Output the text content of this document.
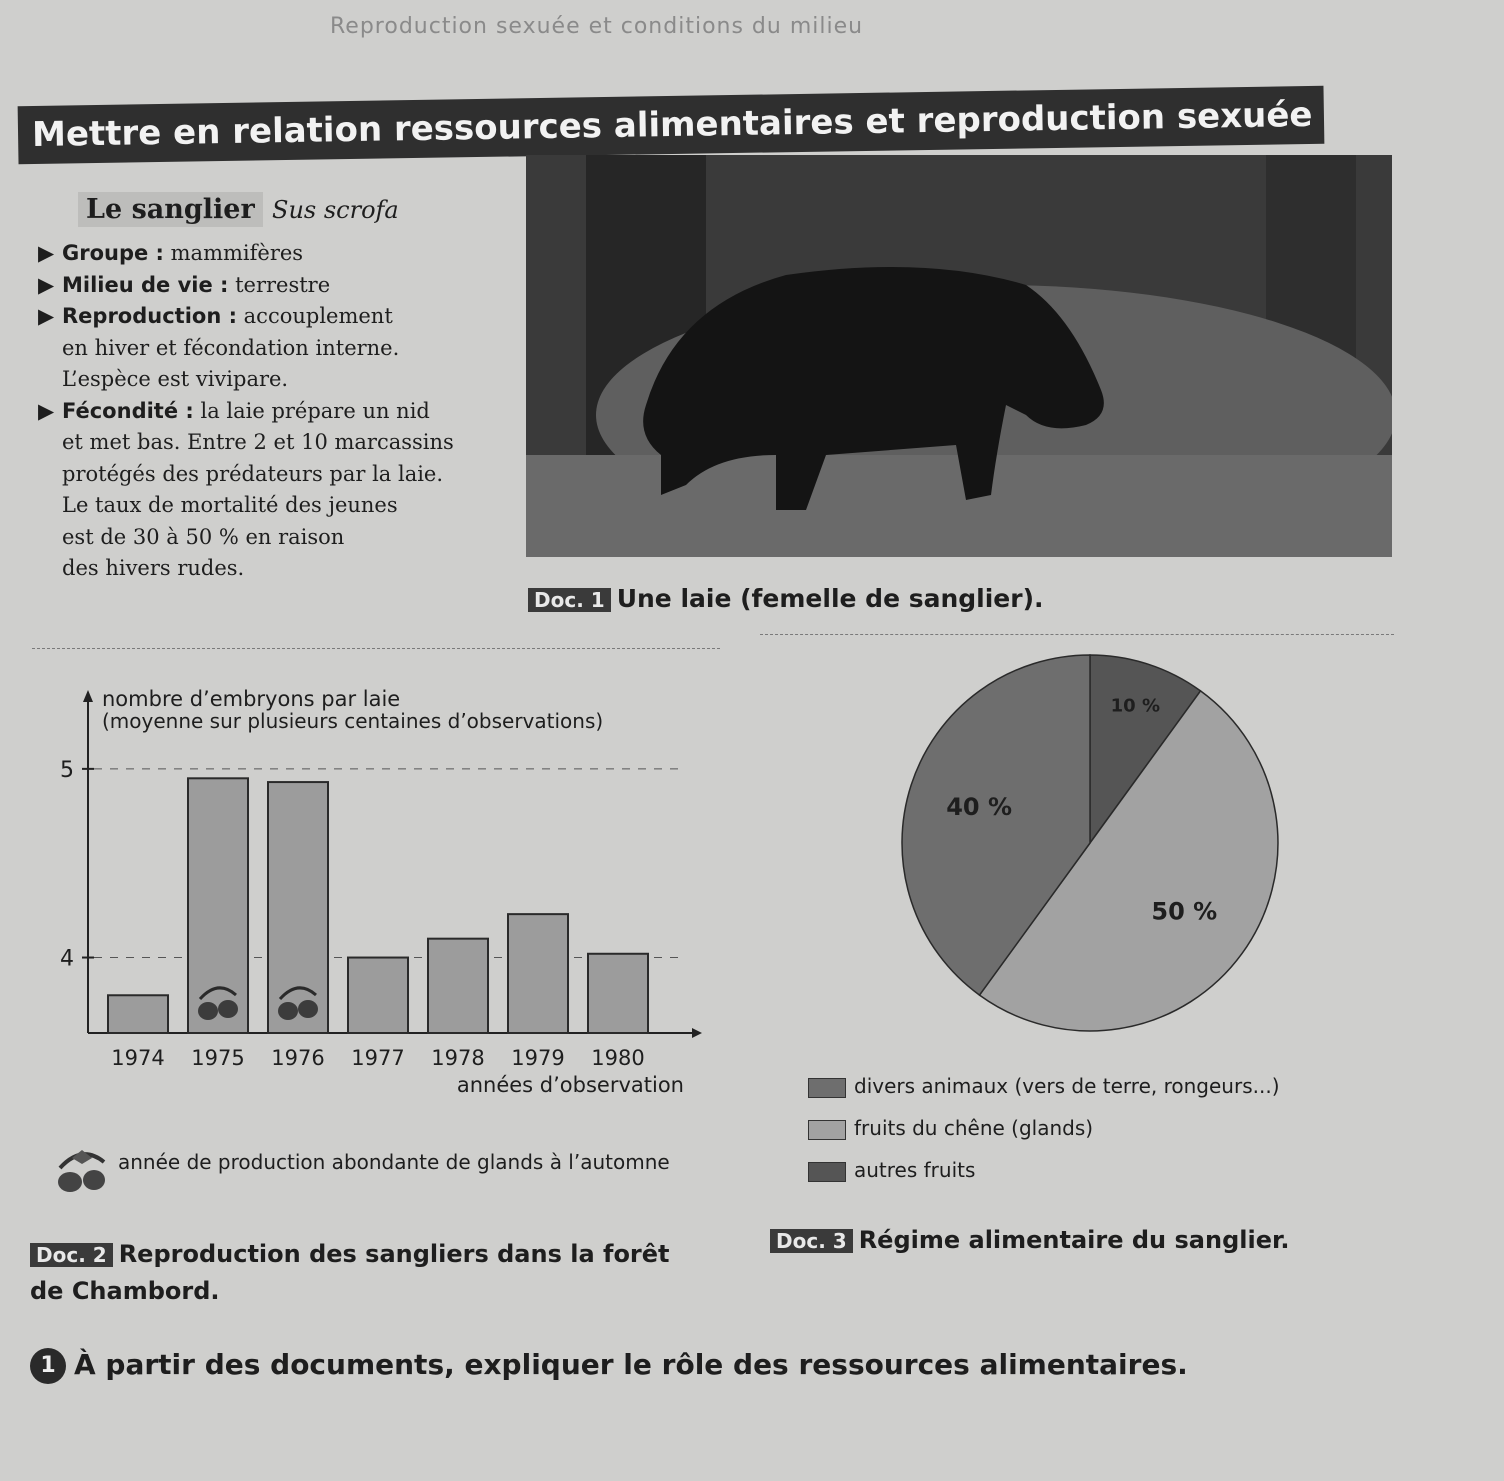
Reproduction sexuée et conditions du milieu
Mettre en relation ressources alimentaires et reproduction sexuée
Le sanglier Sus scrofa
▶ Groupe : mammifères
▶ Milieu de vie : terrestre
▶ Reproduction : accouplement
en hiver et fécondation interne.
L’espèce est vivipare.
▶ Fécondité : la laie prépare un nid
et met bas. Entre 2 et 10 marcassins
protégés des prédateurs par la laie.
Le taux de mortalité des jeunes
est de 30 à 50 % en raison
des hivers rudes.
Doc. 1 Une laie (femelle de sanglier).
nombre d’embryons par laie
(moyenne sur plusieurs centaines d’observations)
années d’observation
4
5
1974 1975 1976 1977 1978 1979 1980
année de production abondante de glands à l’automne
10 %
50 %
40 %
divers animaux (vers de terre, rongeurs...)
fruits du chêne (glands)
autres fruits
Doc. 2 Reproduction des sangliers dans la forêt
de Chambord.
Doc. 3 Régime alimentaire du sanglier.
1 À partir des documents, expliquer le rôle des ressources alimentaires.
